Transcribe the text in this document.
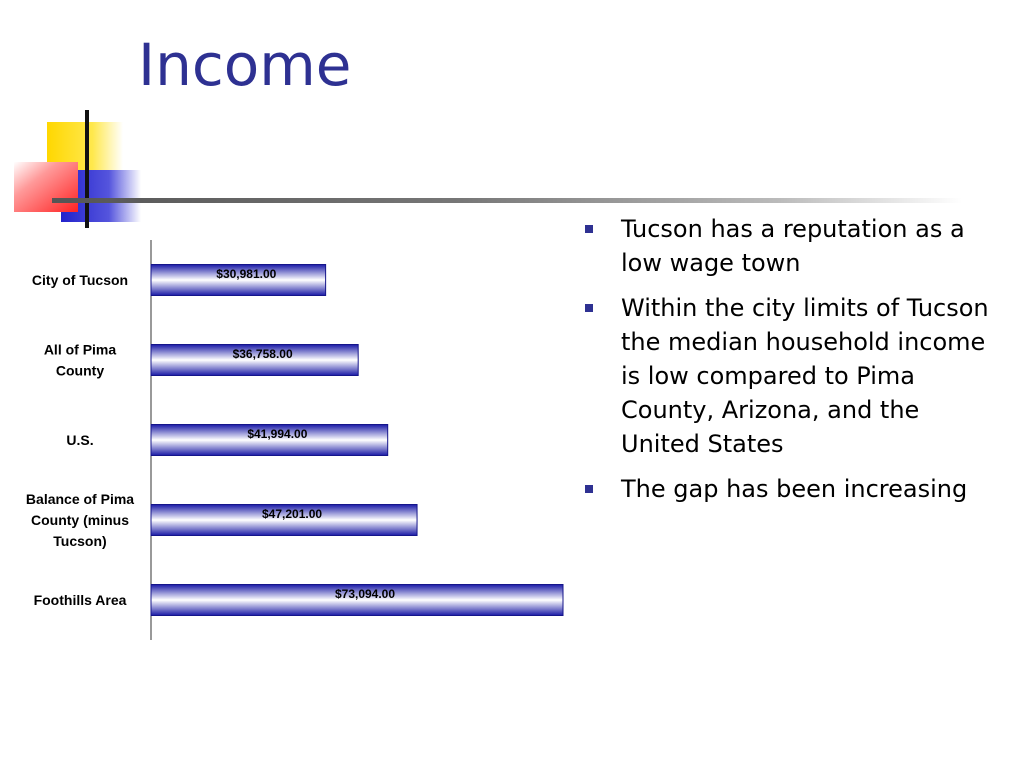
Income
$30,981.00
City of Tucson
$36,758.00
All of Pima County
$41,994.00
U.S.
$47,201.00
Balance of Pima County (minus Tucson)
$73,094.00
Foothills Area
Tucson has a reputation as a low wage town
Within the city limits of Tucson the median household income is low compared to Pima County, Arizona, and the United States
The gap has been increasing
